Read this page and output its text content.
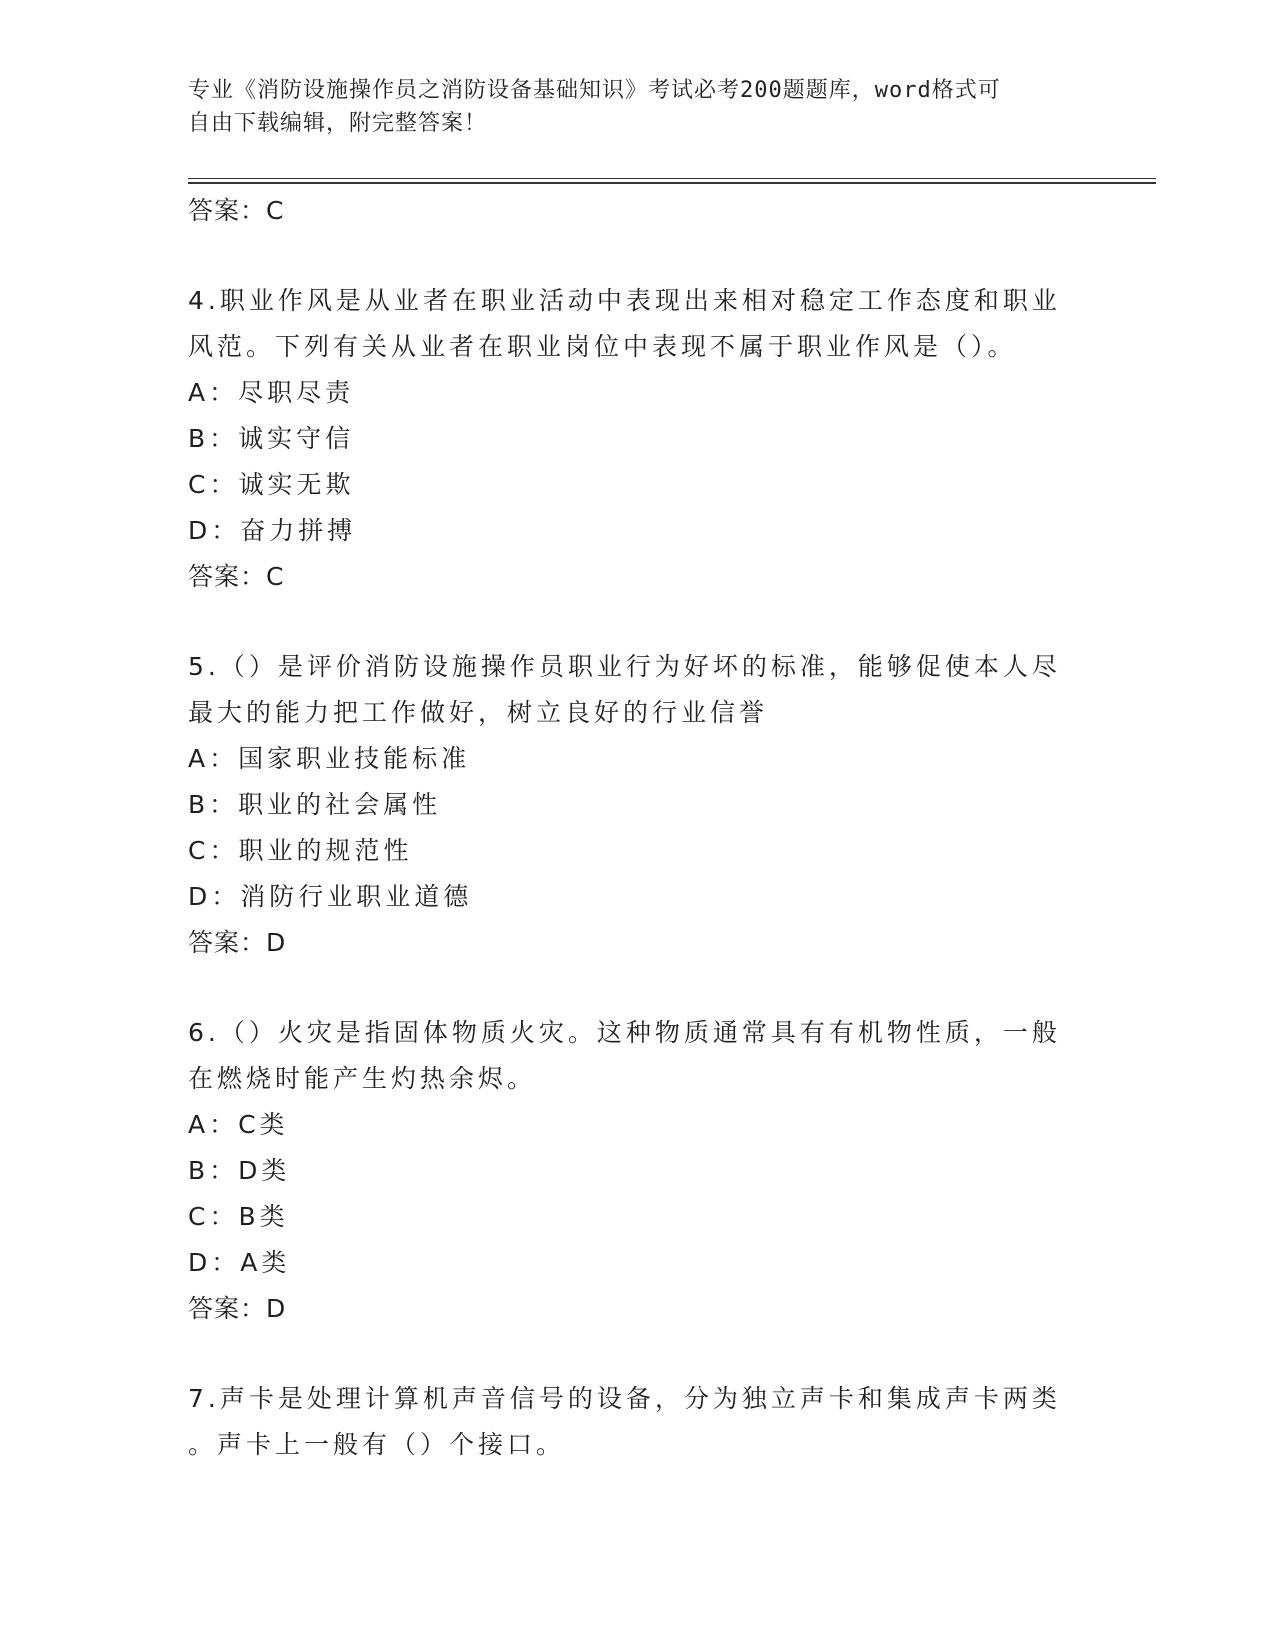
专业《消防设施操作员之消防设备基础知识》考试必考200题题库，word格式可
自由下载编辑，附完整答案！
答案：C
4.职业作风是从业者在职业活动中表现出来相对稳定工作态度和职业
风范。下列有关从业者在职业岗位中表现不属于职业作风是（）。
A：尽职尽责
B：诚实守信
C：诚实无欺
D：奋力拼搏
答案：C
5.（）是评价消防设施操作员职业行为好坏的标准，能够促使本人尽
最大的能力把工作做好，树立良好的行业信誉
A：国家职业技能标准
B：职业的社会属性
C：职业的规范性
D：消防行业职业道德
答案：D
6.（）火灾是指固体物质火灾。这种物质通常具有有机物性质，一般
在燃烧时能产生灼热余烬。
A：C类
B：D类
C：B类
D：A类
答案：D
7.声卡是处理计算机声音信号的设备，分为独立声卡和集成声卡两类
。声卡上一般有（）个接口。
